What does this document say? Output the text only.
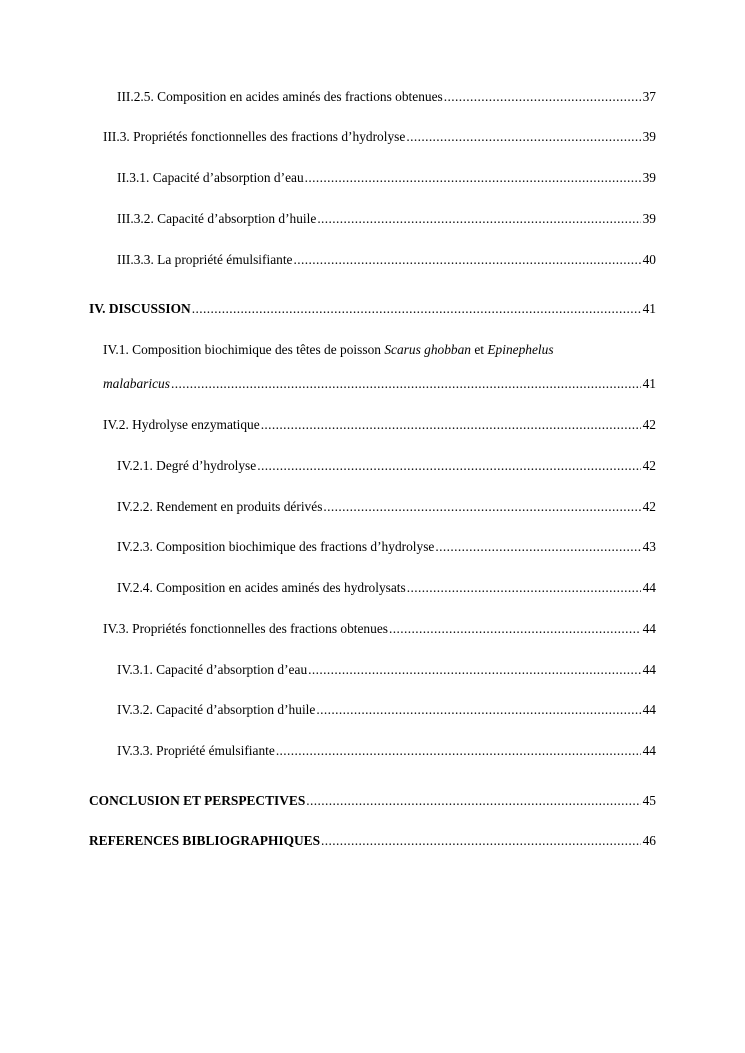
III.2.5. Composition en acides aminés des fractions obtenues .....	37
III.3. Propriétés fonctionnelles des fractions d’hydrolyse .....	39
II.3.1. Capacité d’absorption d’eau .....	39
III.3.2. Capacité d’absorption d’huile .....	39
III.3.3. La propriété émulsifiante .....	40
IV. DISCUSSION .....	41
IV.1. Composition biochimique des têtes de poisson Scarus ghobban et Epinephelus
malabaricus .....	41
IV.2. Hydrolyse enzymatique .....	42
IV.2.1. Degré d’hydrolyse .....	42
IV.2.2. Rendement en produits dérivés .....	42
IV.2.3. Composition biochimique des fractions d’hydrolyse .....	43
IV.2.4. Composition en acides aminés des hydrolysats .....	44
IV.3. Propriétés fonctionnelles des fractions obtenues .....	44
IV.3.1. Capacité d’absorption d’eau .....	44
IV.3.2. Capacité d’absorption d’huile .....	44
IV.3.3. Propriété émulsifiante .....	44
CONCLUSION ET PERSPECTIVES .....	45
REFERENCES BIBLIOGRAPHIQUES .....	46
